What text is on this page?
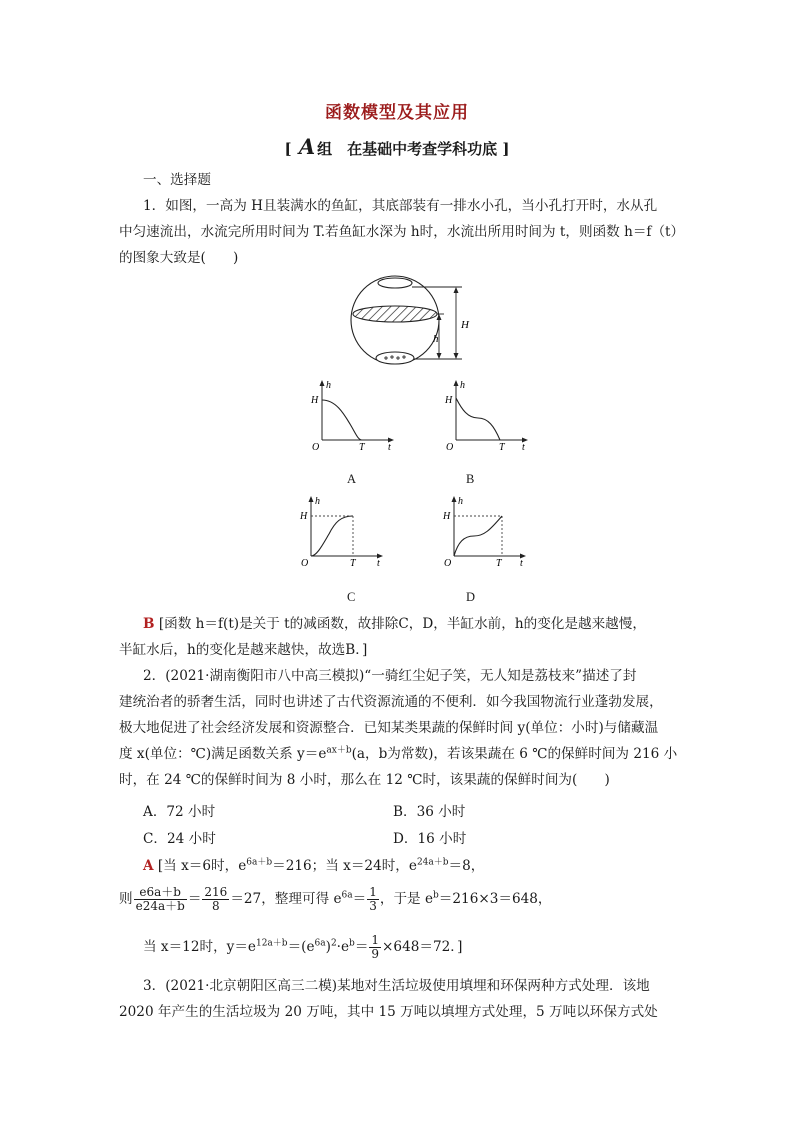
函数模型及其应用
[ A 组　在基础中考查学科功底 ]
一、选择题
1．如图，一高为 H且装满水的鱼缸，其底部装有一排水小孔，当小孔打开时，水从孔
中匀速流出，水流完所用时间为 T.若鱼缸水深为 h时，水流出所用时间为 t，则函数 h＝f（t）
的图象大致是(　　)
H
h
h
H
O	T t
A
h
H
O	T t
B
h
H
O	T t
C
h
H
O	T t
D
B [函数 h＝f(t)是关于 t的减函数，故排除C，D，半缸水前，h的变化是越来越慢，
半缸水后，h的变化是越来越快，故选B．]
2．(2021·湖南衡阳市八中高三模拟)“一骑红尘妃子笑，无人知是荔枝来”描述了封
建统治者的骄奢生活，同时也讲述了古代资源流通的不便利．如今我国物流行业蓬勃发展，
极大地促进了社会经济发展和资源整合．已知某类果蔬的保鲜时间 y(单位：小时)与储藏温
度 x(单位：℃)满足函数关系 $y=e^{ax+b}(a$，b为常数)，若该果蔬在 6 ℃的保鲜时间为 216 小
时，在 24 ℃的保鲜时间为 8 小时，那么在 12 ℃时，该果蔬的保鲜时间为(　　)
A．72 小时	B．36 小时
C．24 小时	D．16 小时
A [当 x＝6时，$e^{6a+b}=216$；当 x＝24时，$e^{24a+b}=8$，
则 $\frac{e6a+b}{e24a+b} = \frac{216}{8} =27$，整理可得 $e^{6a}= \frac{1}{3}$ ，于是 $e^b=216\times 3=648$，
当 x＝12时，$y=e^{12a+b}=(e^{6a})^2\cdot e^b= \frac{1}{9} \times 648=72$．]
3．(2021·北京朝阳区高三二模)某地对生活垃圾使用填埋和环保两种方式处理．该地
2020 年产生的生活垃圾为 20 万吨，其中 15 万吨以填埋方式处理，5 万吨以环保方式处
